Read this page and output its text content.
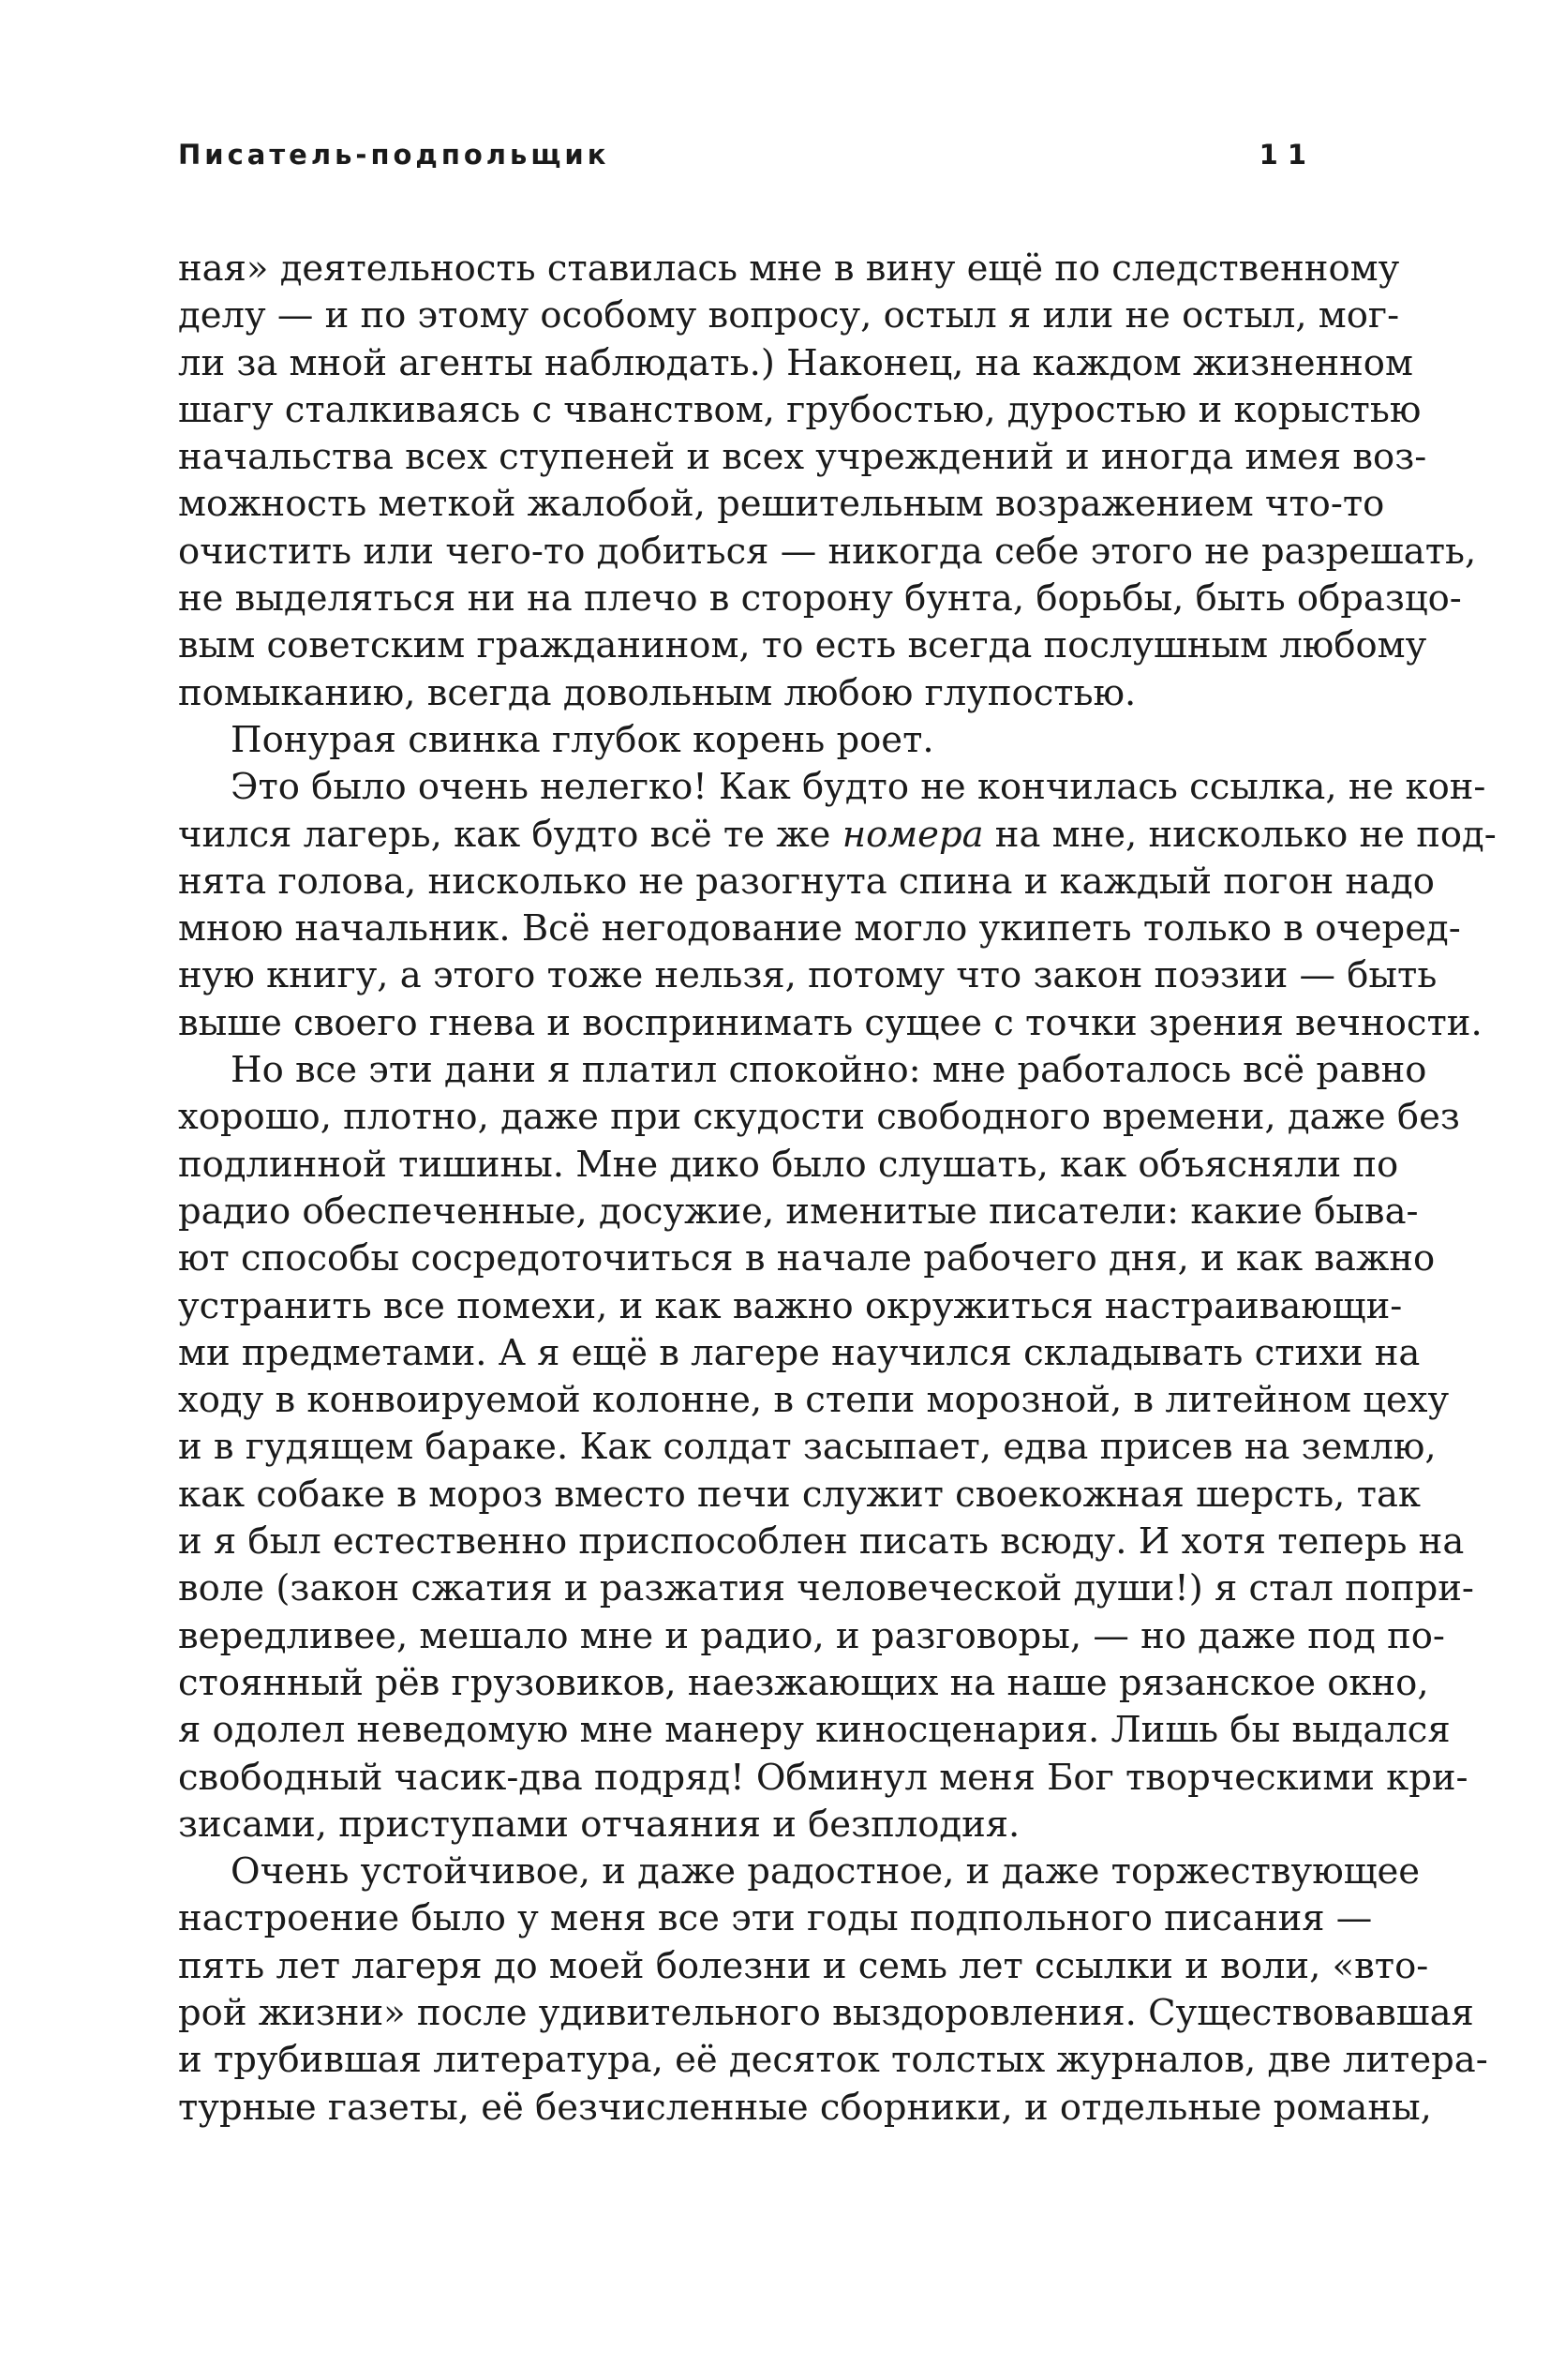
Писатель-подпольщик	11
ная» деятельность ставилась мне в вину ещё по следственному
делу — и по этому особому вопросу, остыл я или не остыл, мог-
ли за мной агенты наблюдать.) Наконец, на каждом жизненном
шагу сталкиваясь с чванством, грубостью, дуростью и корыстью
начальства всех ступеней и всех учреждений и иногда имея воз-
можность меткой жалобой, решительным возражением что-то
очистить или чего-то добиться — никогда себе этого не разрешать,
не выделяться ни на плечо в сторону бунта, борьбы, быть образцо-
вым советским гражданином, то есть всегда послушным любому
помыканию, всегда довольным любою глупостью.
Понурая свинка глубок корень роет.
Это было очень нелегко! Как будто не кончилась ссылка, не кон-
чился лагерь, как будто всё те же номера на мне, нисколько не под-
нята голова, нисколько не разогнута спина и каждый погон надо
мною начальник. Всё негодование могло укипеть только в очеред-
ную книгу, а этого тоже нельзя, потому что закон поэзии — быть
выше своего гнева и воспринимать сущее с точки зрения вечности.
Но все эти дани я платил спокойно: мне работалось всё равно
хорошо, плотно, даже при скудости свободного времени, даже без
подлинной тишины. Мне дико было слушать, как объясняли по
радио обеспеченные, досужие, именитые писатели: какие быва-
ют способы сосредоточиться в начале рабочего дня, и как важно
устранить все помехи, и как важно окружиться настраивающи-
ми предметами. А я ещё в лагере научился складывать стихи на
ходу в конвоируемой колонне, в степи морозной, в литейном цеху
и в гудящем бараке. Как солдат засыпает, едва присев на землю,
как собаке в мороз вместо печи служит своекожная шерсть, так
и я был естественно приспособлен писать всюду. И хотя теперь на
воле (закон сжатия и разжатия человеческой души!) я стал попри-
вередливее, мешало мне и радио, и разговоры, — но даже под по-
стоянный рёв грузовиков, наезжающих на наше рязанское окно,
я одолел неведомую мне манеру киносценария. Лишь бы выдался
свободный часик-два подряд! Обминул меня Бог творческими кри-
зисами, приступами отчаяния и безплодия.
Очень устойчивое, и даже радостное, и даже торжествующее
настроение было у меня все эти годы подпольного писания —
пять лет лагеря до моей болезни и семь лет ссылки и воли, «вто-
рой жизни» после удивительного выздоровления. Существовавшая
и трубившая литература, её десяток толстых журналов, две литера-
турные газеты, её безчисленные сборники, и отдельные романы,
